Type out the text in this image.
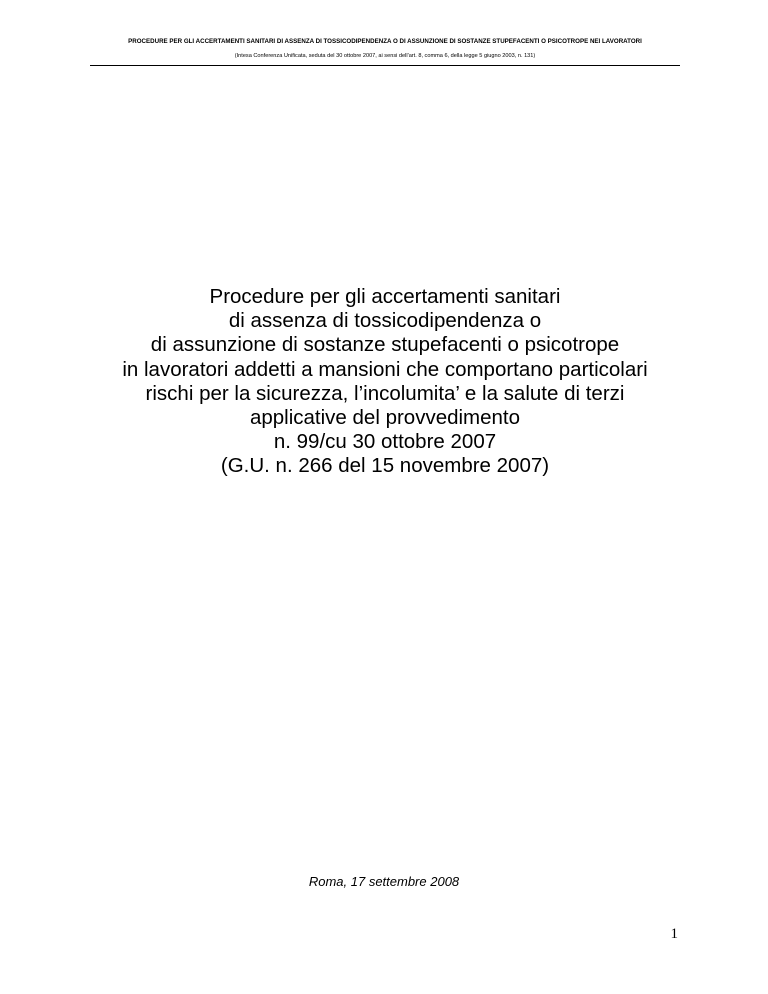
PROCEDURE PER GLI ACCERTAMENTI SANITARI DI ASSENZA DI TOSSICODIPENDENZA O DI ASSUNZIONE DI SOSTANZE STUPEFACENTI O PSICOTROPE NEI LAVORATORI
(Intesa Conferenza Unificata, seduta del 30 ottobre 2007, ai sensi dell'art. 8, comma 6, della legge 5 giugno 2003, n. 131)
Procedure per gli accertamenti sanitari
di assenza di tossicodipendenza o
di assunzione di sostanze stupefacenti o psicotrope
in lavoratori addetti a mansioni che comportano particolari
rischi per la sicurezza, l’incolumita’ e la salute di terzi
applicative del provvedimento
n. 99/cu 30 ottobre 2007
(G.U. n. 266 del 15 novembre 2007)
Roma, 17 settembre 2008
1
